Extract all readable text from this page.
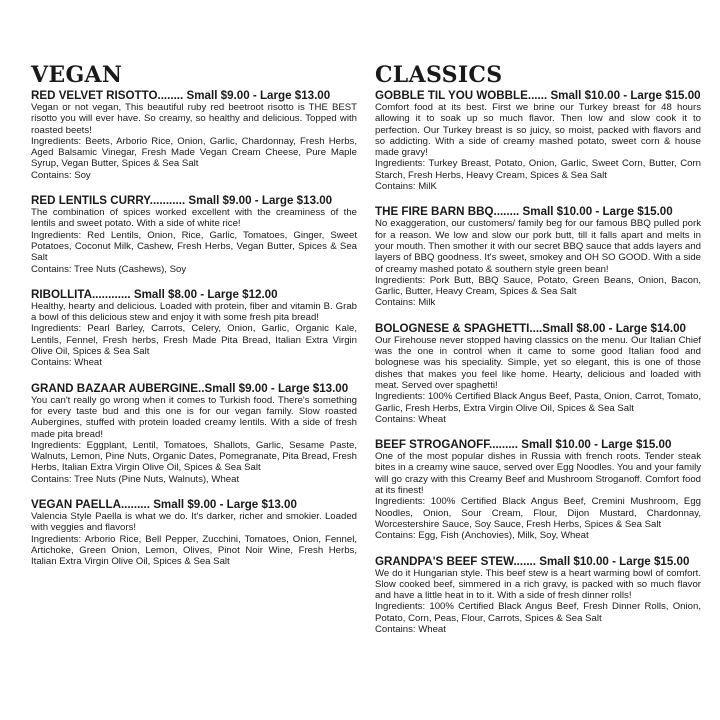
VEGAN
RED VELVET RISOTTO........ Small $9.00 - Large $13.00

Vegan or not vegan, This beautiful ruby red beetroot risotto is THE BEST risotto you will ever have. So creamy, so healthy and delicious. Topped with roasted beets!

Ingredients: Beets, Arborio Rice, Onion, Garlic, Chardonnay, Fresh Herbs, Aged Balsamic Vinegar, Fresh Made Vegan Cream Cheese, Pure Maple Syrup, Vegan Butter, Spices & Sea Salt

Contains: Soy

RED LENTILS CURRY........... Small $9.00 - Large $13.00

The combination of spices worked excellent with the creaminess of the lentils and sweet potato. With a side of white rice!

Ingredients: Red Lentils, Onion, Rice, Garlic, Tomatoes, Ginger, Sweet Potatoes, Coconut Milk, Cashew, Fresh Herbs, Vegan Butter, Spices & Sea Salt

Contains: Tree Nuts (Cashews), Soy

RIBOLLITA............ Small $8.00 - Large $12.00

Healthy, hearty and delicious. Loaded with protein, fiber and vitamin B. Grab a bowl of this delicious stew and enjoy it with some fresh pita bread!

Ingredients: Pearl Barley, Carrots, Celery, Onion, Garlic, Organic Kale, Lentils, Fennel, Fresh herbs, Fresh Made Pita Bread, Italian Extra Virgin Olive Oil, Spices & Sea Salt

Contains: Wheat

GRAND BAZAAR AUBERGINE..Small $9.00 - Large $13.00

You can't really go wrong when it comes to Turkish food. There's something for every taste bud and this one is for our vegan family. Slow roasted Aubergines, stuffed with protein loaded creamy lentils. With a side of fresh made pita bread!

Ingredients: Eggplant, Lentil, Tomatoes, Shallots, Garlic, Sesame Paste, Walnuts, Lemon, Pine Nuts, Organic Dates, Pomegranate, Pita Bread, Fresh Herbs, Italian Extra Virgin Olive Oil, Spices & Sea Salt

Contains: Tree Nuts (Pine Nuts, Walnuts), Wheat

VEGAN PAELLA......... Small $9.00 - Large $13.00

Valencia Style Paella is what we do. It's darker, richer and smokier. Loaded with veggies and flavors!

Ingredients: Arborio Rice, Bell Pepper, Zucchini, Tomatoes, Onion, Fennel, Artichoke, Green Onion, Lemon, Olives, Pinot Noir Wine, Fresh Herbs, Italian Extra Virgin Olive Oil, Spices & Sea Salt

CLASSICS
GOBBLE TIL YOU WOBBLE...... Small $10.00 - Large $15.00

Comfort food at its best. First we brine our Turkey breast for 48 hours allowing it to soak up so much flavor. Then low and slow cook it to perfection. Our Turkey breast is so juicy, so moist, packed with flavors and so addicting. With a side of creamy mashed potato, sweet corn & house made gravy!

Ingredients: Turkey Breast, Potato, Onion, Garlic, Sweet Corn, Butter, Corn Starch, Fresh Herbs, Heavy Cream, Spices & Sea Salt

Contains: MilK

THE FIRE BARN BBQ........ Small $10.00 - Large $15.00

No exaggeration, our customers/ family beg for our famous BBQ pulled pork for a reason. We low and slow our pork butt, till it falls apart and melts in your mouth. Then smother it with our secret BBQ sauce that adds layers and layers of BBQ goodness. It's sweet, smokey and OH SO GOOD. With a side of creamy mashed potato & southern style green bean!

Ingredients: Pork Butt, BBQ Sauce, Potato, Green Beans, Onion, Bacon, Garlic, Butter, Heavy Cream, Spices & Sea Salt

Contains: Milk

BOLOGNESE & SPAGHETTI....Small $8.00 - Large $14.00

Our Firehouse never stopped having classics on the menu. Our Italian Chief was the one in control when it came to some good Italian food and bolognese was his speciality. Simple, yet so elegant, this is one of those dishes that makes you feel like home. Hearty, delicious and loaded with meat. Served over spaghetti!

Ingredients: 100% Certified Black Angus Beef, Pasta, Onion, Carrot, Tomato, Garlic, Fresh Herbs, Extra Virgin Olive Oil, Spices & Sea Salt

Contains: Wheat

BEEF STROGANOFF......... Small $10.00 - Large $15.00

One of the most popular dishes in Russia with french roots. Tender steak bites in a creamy wine sauce, served over Egg Noodles. You and your family will go crazy with this Creamy Beef and Mushroom Stroganoff. Comfort food at its finest!

Ingredients: 100% Certified Black Angus Beef, Cremini Mushroom, Egg Noodles, Onion, Sour Cream, Flour, Dijon Mustard, Chardonnay, Worcestershire Sauce, Soy Sauce, Fresh Herbs, Spices & Sea Salt

Contains: Egg, Fish (Anchovies), Milk, Soy, Wheat

GRANDPA'S BEEF STEW....... Small $10.00 - Large $15.00

We do it Hungarian style. This beef stew is a heart warming bowl of comfort. Slow cooked beef, simmered in a rich gravy, is packed with so much flavor and have a little heat in to it. With a side of fresh dinner rolls!

Ingredients: 100% Certified Black Angus Beef, Fresh Dinner Rolls, Onion, Potato, Corn, Peas, Flour, Carrots, Spices & Sea Salt

Contains: Wheat
